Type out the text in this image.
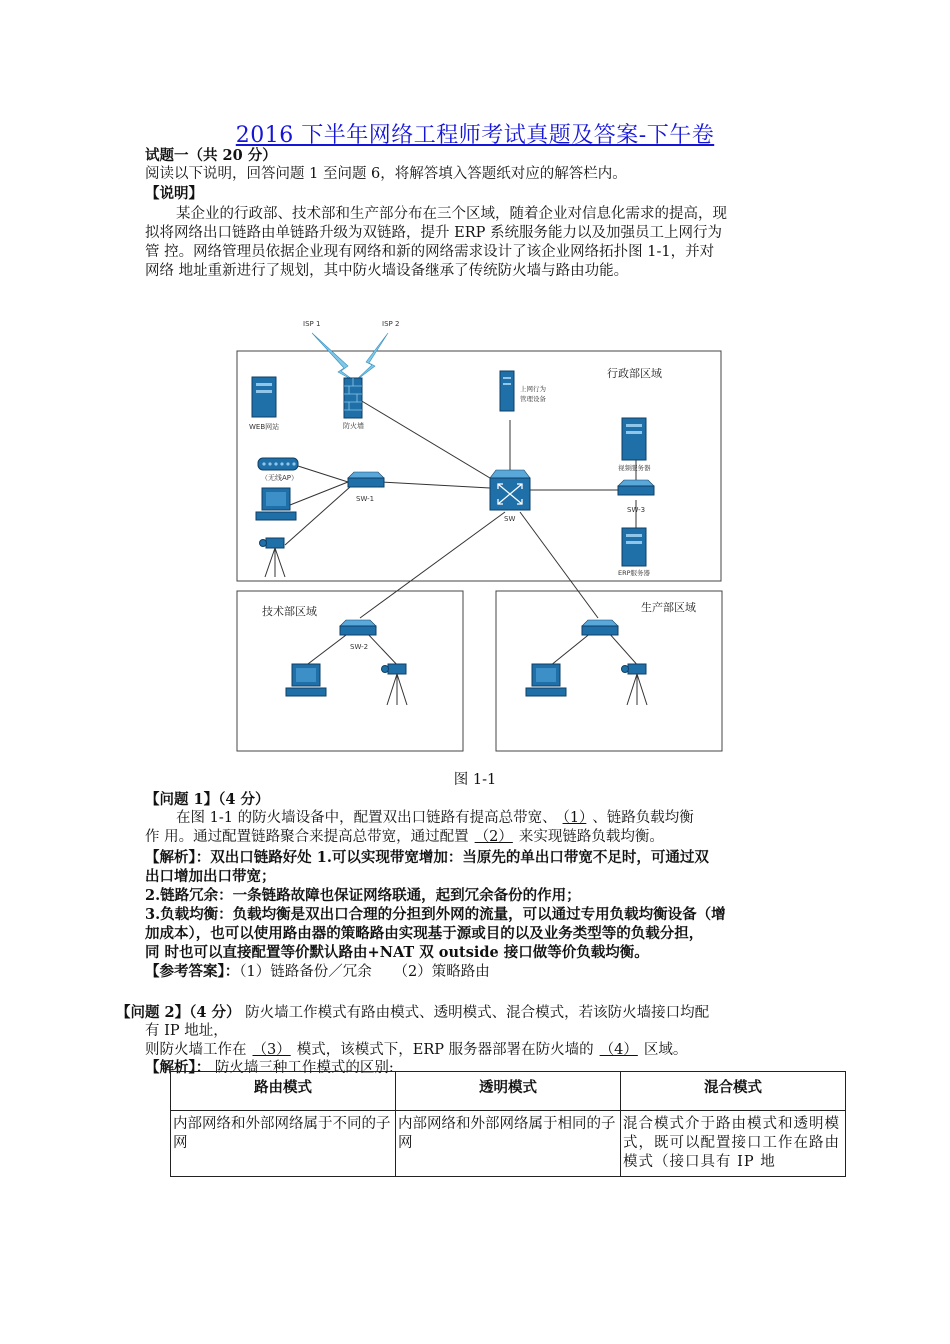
2016 下半年网络工程师考试真题及答案-下午卷
试题一（共 20 分）
阅读以下说明，回答问题 1 至问题 6，将解答填入答题纸对应的解答栏内。
【说明】
某企业的行政部、技术部和生产部分布在三个区域，随着企业对信息化需求的提高，现
拟将网络出口链路由单链路升级为双链路，提升 ERP 系统服务能力以及加强员工上网行为
管 控。网络管理员依据企业现有网络和新的网络需求设计了该企业网络拓扑图 1-1，并对
网络 地址重新进行了规划，其中防火墙设备继承了传统防火墙与路由功能。
ISP 1	ISP 2
防火墙
WEB网站
（无线AP）
SW-1
SW
上网行为
管理设备
行政部区域
视频服务器
SW-3
ERP服务器
技术部区域
SW-2
生产部区域
图 1-1
【问题 1】（4 分）
在图 1-1 的防火墙设备中，配置双出口链路有提高总带宽、 （1） 、链路负载均衡
作 用。通过配置链路聚合来提高总带宽，通过配置 （2） 来实现链路负载均衡。
【解析】：双出口链路好处 1.可以实现带宽增加：当原先的单出口带宽不足时，可通过双
出口增加出口带宽；
2.链路冗余：一条链路故障也保证网络联通，起到冗余备份的作用；
3.负载均衡：负载均衡是双出口合理的分担到外网的流量，可以通过专用负载均衡设备（增
加成本），也可以使用路由器的策略路由实现基于源或目的以及业务类型等的负载分担，
同 时也可以直接配置等价默认路由+NAT 双 outside 接口做等价负载均衡。
【参考答案】：（1）链路备份／冗余　　（2）策略路由
【问题 2】（4 分） 防火墙工作模式有路由模式、透明模式、混合模式，若该防火墙接口均配
有 IP 地址，
则防火墙工作在 （3） 模式，该模式下，ERP 服务器部署在防火墙的 （4） 区域。
【解析】： 防火墙三种工作模式的区别:
路由模式	透明模式	混合模式
内部网络和外部网络属于不同的子网	内部网络和外部网络属于相同的子网	混合模式介于路由模式和透明模式，既可以配置接口工作在路由模式（接口具有 IP 地
